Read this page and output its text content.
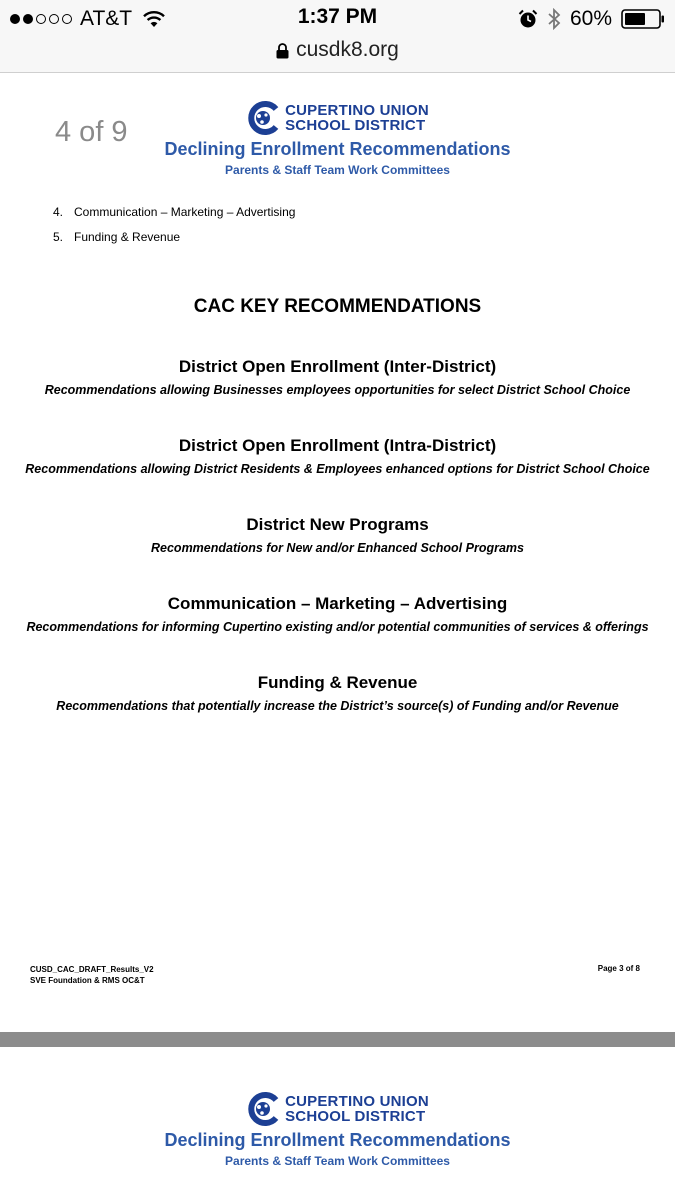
AT&T	1:37 PM	60%
cusdk8.org
4 of 9
CUPERTINO UNION
SCHOOL DISTRICT
Declining Enrollment Recommendations
Parents & Staff Team Work Committees
4. Communication – Marketing – Advertising
5. Funding & Revenue
CAC KEY RECOMMENDATIONS
District Open Enrollment (Inter-District)
Recommendations allowing Businesses employees opportunities for select District School Choice
District Open Enrollment (Intra-District)
Recommendations allowing District Residents & Employees enhanced options for District School Choice
District New Programs
Recommendations for New and/or Enhanced School Programs
Communication – Marketing – Advertising
Recommendations for informing Cupertino existing and/or potential communities of services & offerings
Funding & Revenue
Recommendations that potentially increase the District’s source(s) of Funding and/or Revenue
CUSD_CAC_DRAFT_Results_V2
SVE Foundation & RMS OC&T
Page 3 of 8
CUPERTINO UNION
SCHOOL DISTRICT
Declining Enrollment Recommendations
Parents & Staff Team Work Committees
